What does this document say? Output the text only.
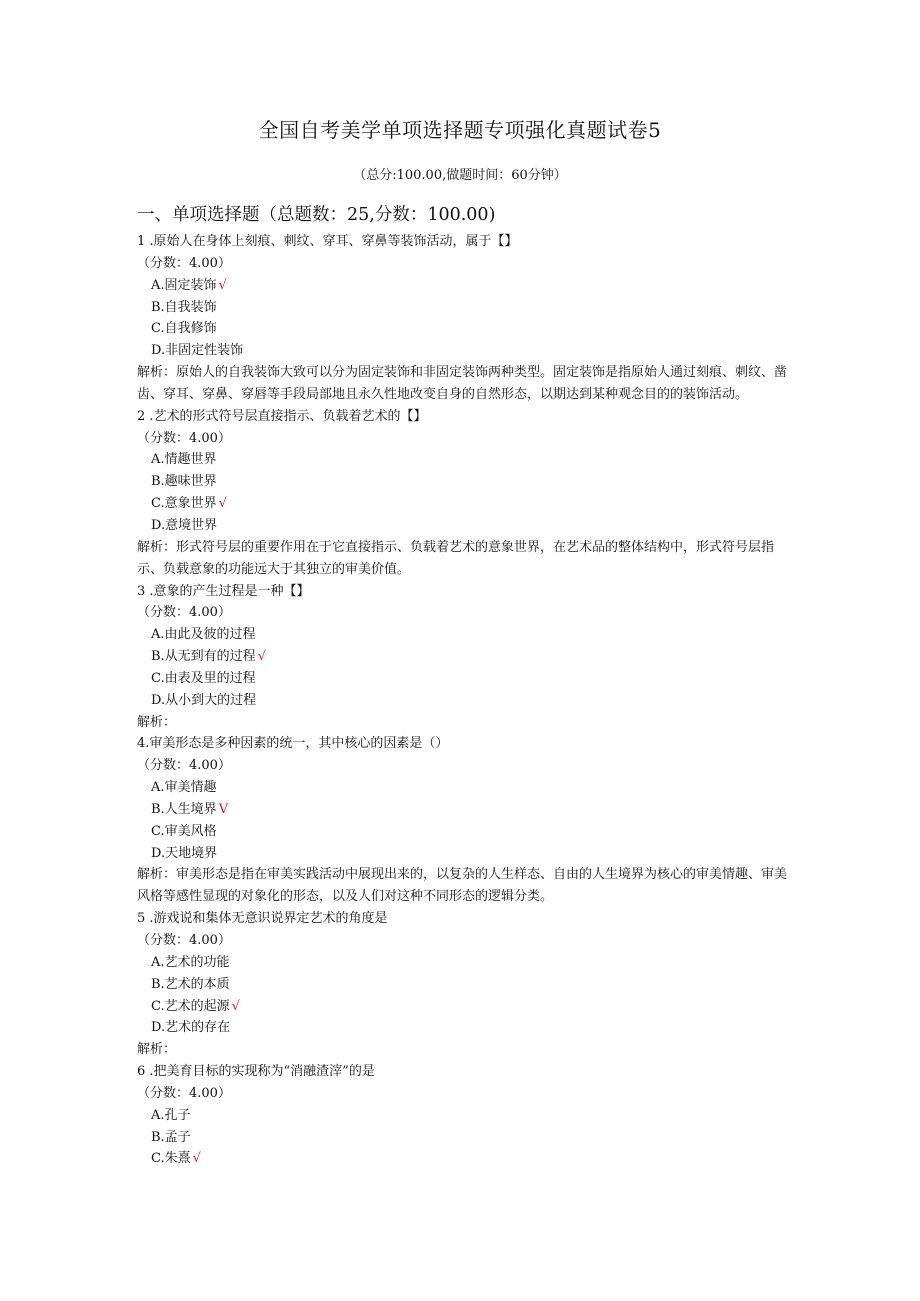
全国自考美学单项选择题专项强化真题试卷5
（总分:100.00,做题时间：60分钟）
一、单项选择题（总题数：25,分数：100.00)
1 .原始人在身体上刻痕、刺纹、穿耳、穿鼻等装饰活动，属于【】
（分数：4.00）
A.固定装饰 √
B.自我装饰
C.自我修饰
D.非固定性装饰
解析：原始人的自我装饰大致可以分为固定装饰和非固定装饰两种类型。固定装饰是指原始人通过刻痕、刺纹、凿齿、穿耳、穿鼻、穿唇等手段局部地且永久性地改变自身的自然形态，以期达到某种观念目的的装饰活动。
2 .艺术的形式符号层直接指示、负载着艺术的【】
（分数：4.00）
A.情趣世界
B.趣味世界
C.意象世界 √
D.意境世界
解析：形式符号层的重要作用在于它直接指示、负载着艺术的意象世界，在艺术品的整体结构中，形式符号层指示、负载意象的功能远大于其独立的审美价值。
3 .意象的产生过程是一种【】
（分数：4.00）
A.由此及彼的过程
B.从无到有的过程 √
C.由表及里的过程
D.从小到大的过程
解析：
4.审美形态是多种因素的统一，其中核心的因素是（）
（分数：4.00）
A.审美情趣
B.人生境界 V
C.审美风格
D.天地境界
解析：审美形态是指在审美实践活动中展现出来的，以复杂的人生样态、自由的人生境界为核心的审美情趣、审美风格等感性显现的对象化的形态，以及人们对这种不同形态的逻辑分类。
5 .游戏说和集体无意识说界定艺术的角度是
（分数：4.00）
A.艺术的功能
B.艺术的本质
C.艺术的起源 √
D.艺术的存在
解析：
6 .把美育目标的实现称为“消融渣滓”的是
（分数：4.00）
A.孔子
B.孟子
C.朱熹 √
